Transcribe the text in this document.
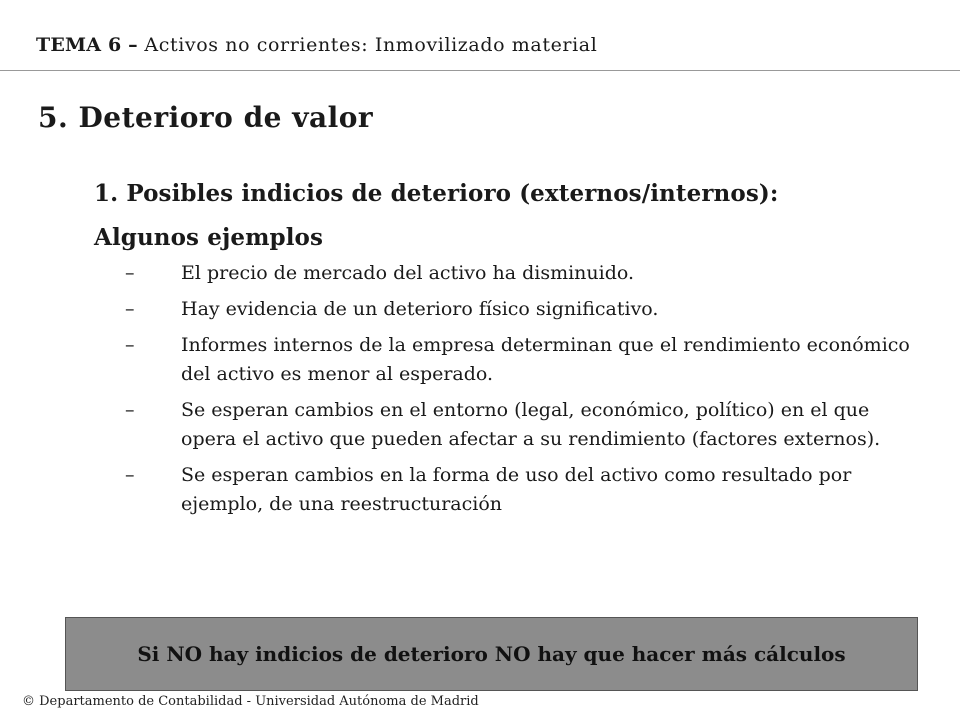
TEMA 6 – Activos no corrientes: Inmovilizado material
5. Deterioro de valor
1. Posibles indicios de deterioro (externos/internos):
Algunos ejemplos
– El precio de mercado del activo ha disminuido.
– Hay evidencia de un deterioro físico significativo.
– Informes internos de la empresa determinan que el rendimiento económico del activo es menor al esperado.
– Se esperan cambios en el entorno (legal, económico, político) en el que opera el activo que pueden afectar a su rendimiento (factores externos).
– Se esperan cambios en la forma de uso del activo como resultado por ejemplo, de una reestructuración
Si NO hay indicios de deterioro NO hay que hacer más cálculos
© Departamento de Contabilidad - Universidad Autónoma de Madrid
